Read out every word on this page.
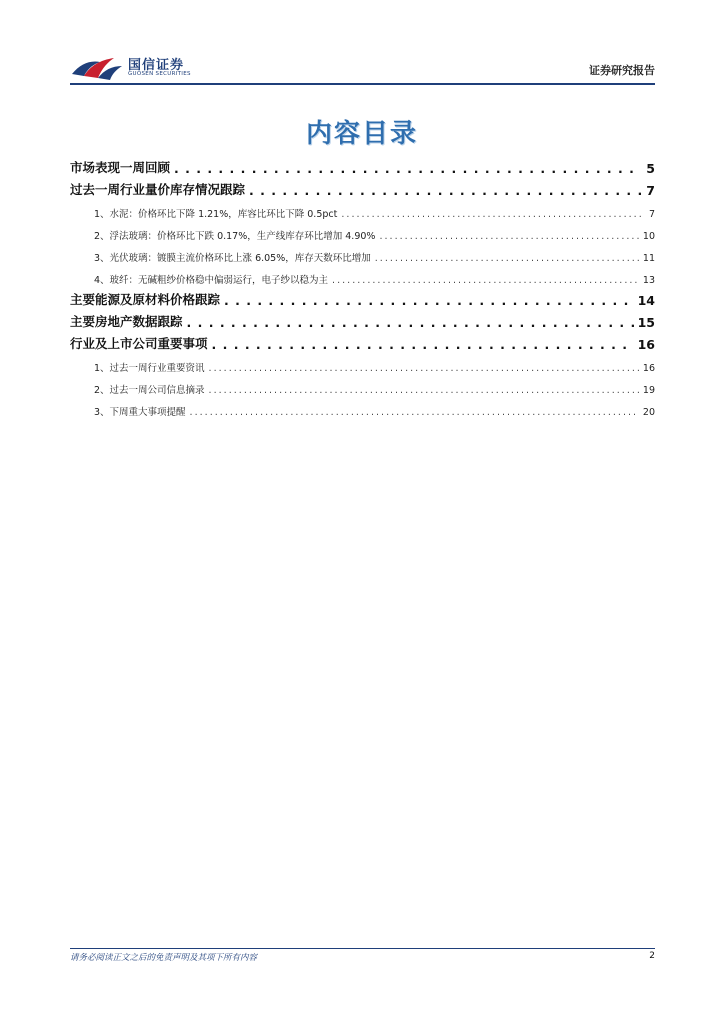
国信证券
GUOSEN SECURITIES	证券研究报告
内容目录
市场表现一周回顾 . . .	5
过去一周行业量价库存情况跟踪 . . .	7
1、水泥：价格环比下降 1.21%，库容比环比下降 0.5pct . . .	7
2、浮法玻璃：价格环比下跌 0.17%，生产线库存环比增加 4.90% . . .	10
3、光伏玻璃：镀膜主流价格环比上涨 6.05%，库存天数环比增加 . . .	11
4、玻纤：无碱粗纱价格稳中偏弱运行，电子纱以稳为主 . . .	13
主要能源及原材料价格跟踪 . . .	14
主要房地产数据跟踪 . . .	15
行业及上市公司重要事项 . . .	16
1、过去一周行业重要资讯 . . .	16
2、过去一周公司信息摘录 . . .	19
3、下周重大事项提醒 . . .	20
请务必阅读正文之后的免责声明及其项下所有内容	2
